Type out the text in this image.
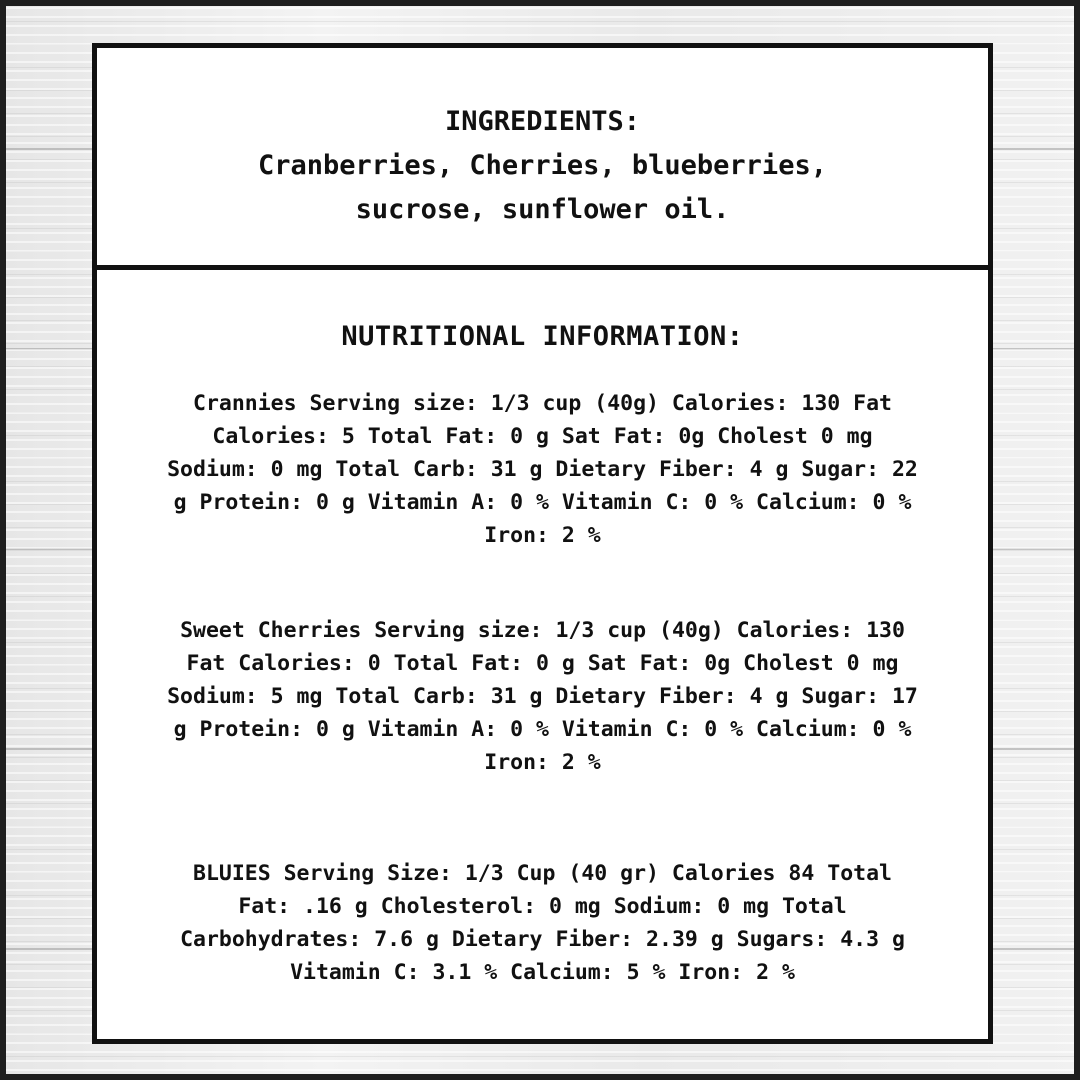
INGREDIENTS:
Cranberries, Cherries, blueberries,
sucrose, sunflower oil.
NUTRITIONAL INFORMATION:
Crannies Serving size: 1/3 cup (40g) Calories: 130 Fat
Calories: 5 Total Fat: 0 g Sat Fat: 0g Cholest 0 mg
Sodium: 0 mg Total Carb: 31 g Dietary Fiber: 4 g Sugar: 22
g Protein: 0 g Vitamin A: 0 % Vitamin C: 0 % Calcium: 0 %
Iron: 2 %
Sweet Cherries Serving size: 1/3 cup (40g) Calories: 130
Fat Calories: 0 Total Fat: 0 g Sat Fat: 0g Cholest 0 mg
Sodium: 5 mg Total Carb: 31 g Dietary Fiber: 4 g Sugar: 17
g Protein: 0 g Vitamin A: 0 % Vitamin C: 0 % Calcium: 0 %
Iron: 2 %
BLUIES Serving Size: 1/3 Cup (40 gr) Calories 84 Total
Fat: .16 g Cholesterol: 0 mg Sodium: 0 mg Total
Carbohydrates: 7.6 g Dietary Fiber: 2.39 g Sugars: 4.3 g
Vitamin C: 3.1 % Calcium: 5 % Iron: 2 %
